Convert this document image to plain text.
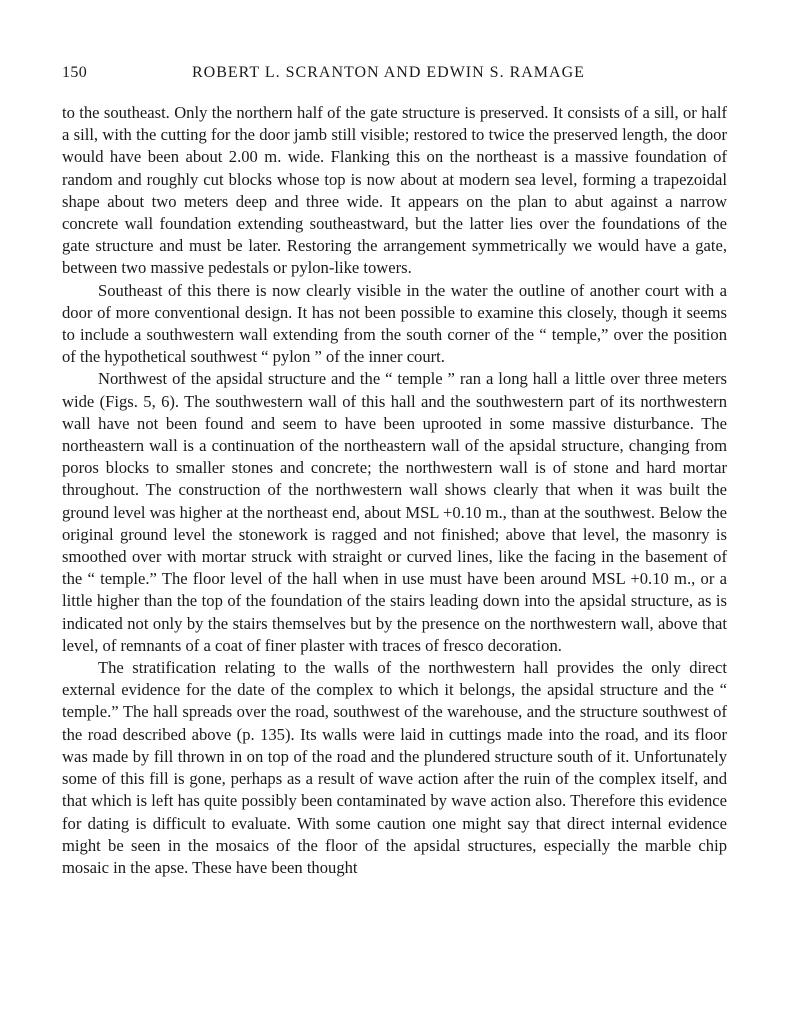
150	ROBERT L. SCRANTON AND EDWIN S. RAMAGE

to the southeast. Only the northern half of the gate structure is preserved. It consists of a sill, or half a sill, with the cutting for the door jamb still visible; restored to twice the preserved length, the door would have been about 2.00 m. wide. Flanking this on the northeast is a massive foundation of random and roughly cut blocks whose top is now about at modern sea level, forming a trapezoidal shape about two meters deep and three wide. It appears on the plan to abut against a narrow concrete wall foundation extending southeastward, but the latter lies over the foundations of the gate structure and must be later. Restoring the arrangement symmetrically we would have a gate, between two massive pedestals or pylon-like towers.

Southeast of this there is now clearly visible in the water the outline of another court with a door of more conventional design. It has not been possible to examine this closely, though it seems to include a southwestern wall extending from the south corner of the “ temple,” over the position of the hypothetical southwest “ pylon ” of the inner court.

Northwest of the apsidal structure and the “ temple ” ran a long hall a little over three meters wide (Figs. 5, 6). The southwestern wall of this hall and the southwestern part of its northwestern wall have not been found and seem to have been uprooted in some massive disturbance. The northeastern wall is a continuation of the northeastern wall of the apsidal structure, changing from poros blocks to smaller stones and concrete; the northwestern wall is of stone and hard mortar throughout. The construction of the northwestern wall shows clearly that when it was built the ground level was higher at the northeast end, about MSL +0.10 m., than at the southwest. Below the original ground level the stonework is ragged and not finished; above that level, the masonry is smoothed over with mortar struck with straight or curved lines, like the facing in the basement of the “ temple.” The floor level of the hall when in use must have been around MSL +0.10 m., or a little higher than the top of the foundation of the stairs leading down into the apsidal structure, as is indicated not only by the stairs themselves but by the presence on the northwestern wall, above that level, of remnants of a coat of finer plaster with traces of fresco decoration.

The stratification relating to the walls of the northwestern hall provides the only direct external evidence for the date of the complex to which it belongs, the apsidal structure and the “ temple.” The hall spreads over the road, southwest of the warehouse, and the structure southwest of the road described above (p. 135). Its walls were laid in cuttings made into the road, and its floor was made by fill thrown in on top of the road and the plundered structure south of it. Unfortunately some of this fill is gone, perhaps as a result of wave action after the ruin of the complex itself, and that which is left has quite possibly been contaminated by wave action also. Therefore this evidence for dating is difficult to evaluate. With some caution one might say that direct internal evidence might be seen in the mosaics of the floor of the apsidal structures, especially the marble chip mosaic in the apse. These have been thought
